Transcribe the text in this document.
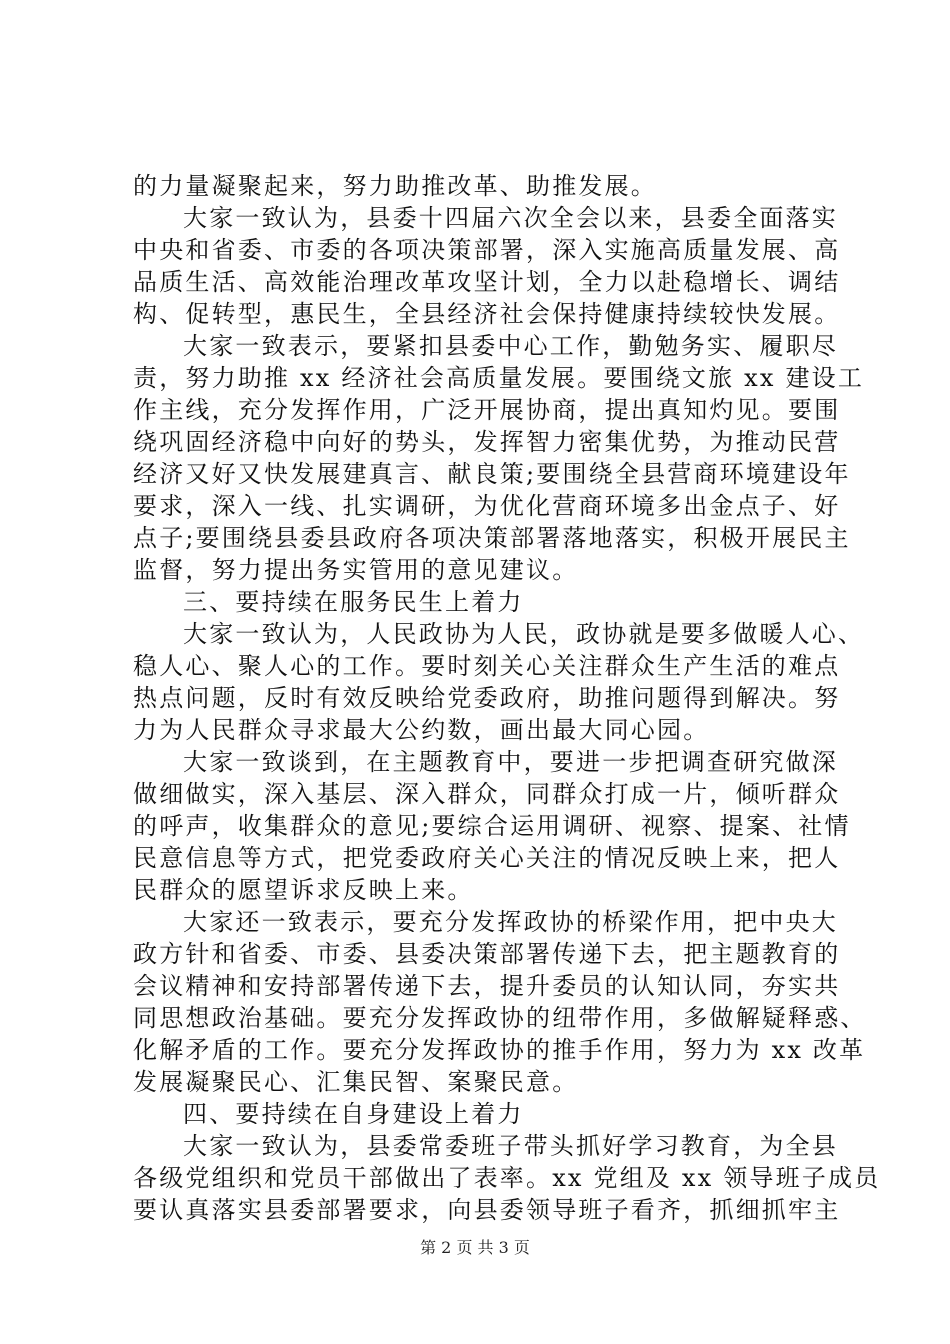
的力量凝聚起来，努力助推改革、助推发展。
大家一致认为，县委十四届六次全会以来，县委全面落实
中央和省委、市委的各项决策部署，深入实施高质量发展、高
品质生活、高效能治理改革攻坚计划，全力以赴稳增长、调结
构、促转型，惠民生，全县经济社会保持健康持续较快发展。
大家一致表示，要紧扣县委中心工作，勤勉务实、履职尽
责，努力助推 xx 经济社会高质量发展。要围绕文旅 xx 建设工
作主线，充分发挥作用，广泛开展协商，提出真知灼见。要围
绕巩固经济稳中向好的势头，发挥智力密集优势，为推动民营
经济又好又快发展建真言、献良策;要围绕全县营商环境建设年
要求，深入一线、扎实调研，为优化营商环境多出金点子、好
点子;要围绕县委县政府各项决策部署落地落实，积极开展民主
监督，努力提出务实管用的意见建议。
三、要持续在服务民生上着力
大家一致认为，人民政协为人民，政协就是要多做暖人心、
稳人心、聚人心的工作。要时刻关心关注群众生产生活的难点
热点问题，反时有效反映给党委政府，助推问题得到解决。努
力为人民群众寻求最大公约数，画出最大同心园。
大家一致谈到，在主题教育中，要进一步把调查研究做深
做细做实，深入基层、深入群众，同群众打成一片，倾听群众
的呼声，收集群众的意见;要综合运用调研、视察、提案、社情
民意信息等方式，把党委政府关心关注的情况反映上来，把人
民群众的愿望诉求反映上来。
大家还一致表示，要充分发挥政协的桥梁作用，把中央大
政方针和省委、市委、县委决策部署传递下去，把主题教育的
会议精神和安持部署传递下去，提升委员的认知认同，夯实共
同思想政治基础。要充分发挥政协的纽带作用，多做解疑释惑、
化解矛盾的工作。要充分发挥政协的推手作用，努力为 xx 改革
发展凝聚民心、汇集民智、案聚民意。
四、要持续在自身建设上着力
大家一致认为，县委常委班子带头抓好学习教育，为全县
各级党组织和党员干部做出了表率。xx 党组及 xx 领导班子成员
要认真落实县委部署要求，向县委领导班子看齐，抓细抓牢主
第 2 页 共 3 页
